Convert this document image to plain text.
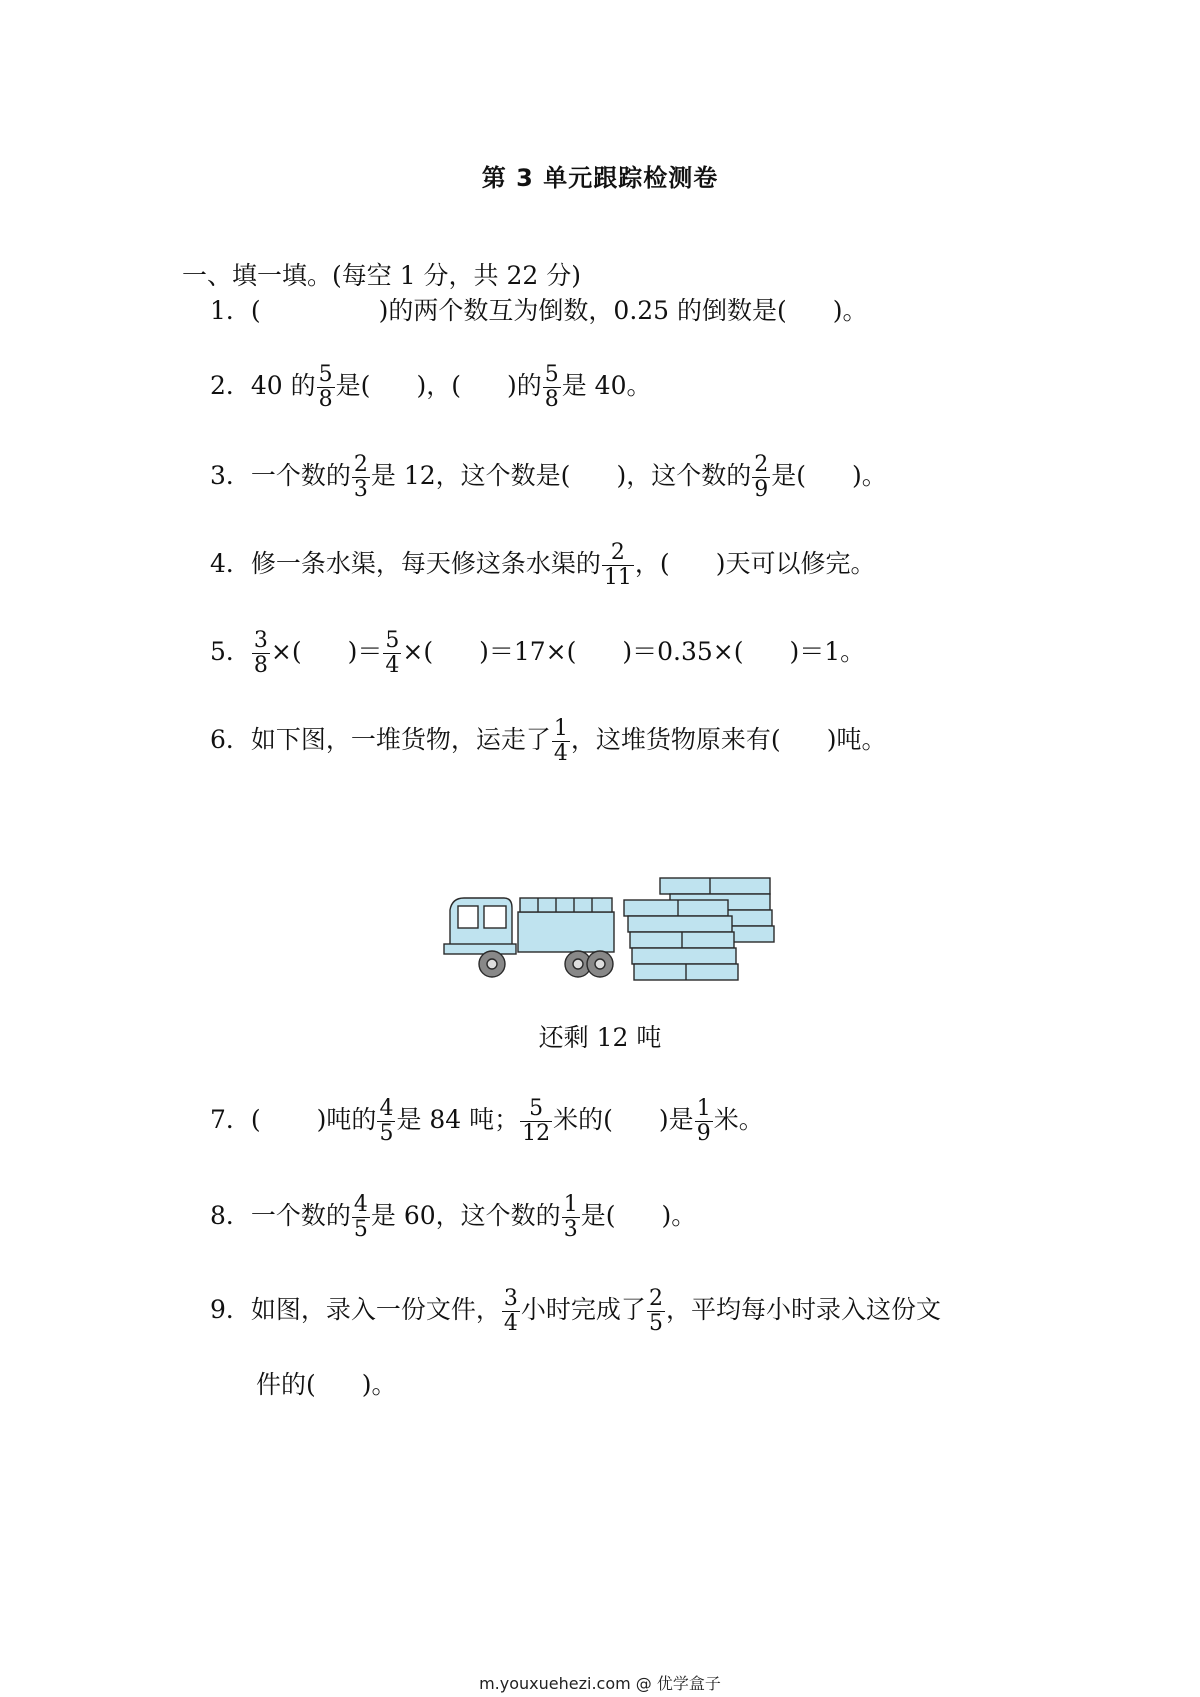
第 3 单元跟踪检测卷
一、填一填。(每空 1 分，共 22 分)
1．(	)的两个数互为倒数，0.25 的倒数是( )。
2．40 的 $\frac{5}{8}$ 是( )，( )的 $\frac{5}{8}$ 是 40。
3．一个数的 $\frac{2}{3}$ 是 12，这个数是( )，这个数的 $\frac{2}{9}$ 是( )。
4．修一条水渠，每天修这条水渠的 $\frac{2}{11}$ ，( )天可以修完。
5． $\frac{3}{8}$ ×( )＝ $\frac{5}{4}$ ×( )＝17×( )＝0.35×( )＝1。
6．如下图，一堆货物，运走了 $\frac{1}{4}$ ，这堆货物原来有( )吨。
还剩 12 吨
7．( )吨的 $\frac{4}{5}$ 是 84 吨； $\frac{5}{12}$ 米的( )是 $\frac{1}{9}$ 米。
8．一个数的 $\frac{4}{5}$ 是 60，这个数的 $\frac{1}{3}$ 是( )。
9．如图，录入一份文件， $\frac{3}{4}$ 小时完成了 $\frac{2}{5}$ ，平均每小时录入这份文
件的( )。
m.youxuehezi.com @ 优学盒子
